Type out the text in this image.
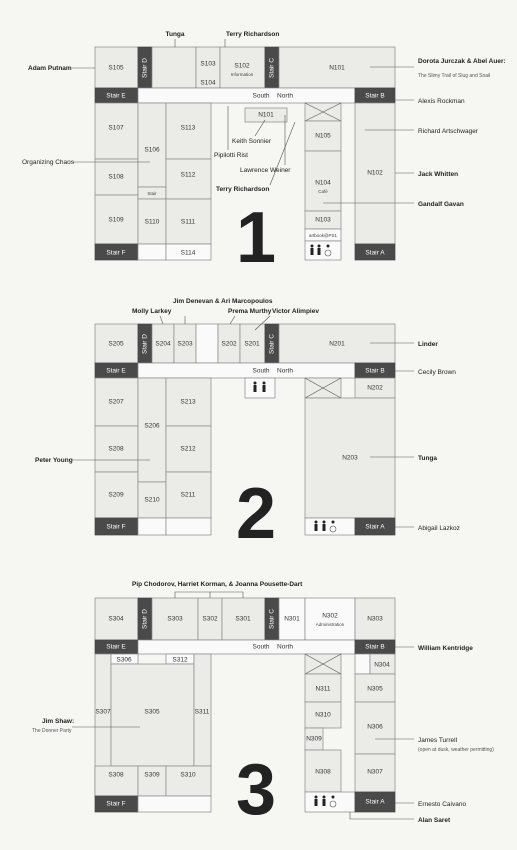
S105
S103
S104
S102
Information
N101
S107
S106
S113
N101
N105
S108	S112
N104
Café
N102
S109	S110	S111	N103
Stair
S114
artbook@PS1
Stair D	Stair C
Stair E	Stair B
Stair F	Stair A
South North
1
Tunga	Terry Richardson
Adam Putnam
Dorota Jurczak & Abel Auer:
The Slimy Trail of Slug and Snail
Alexis Rockman
Richard Artschwager
Keith Sonnier
Pipilotti Rist
Lawrence Weiner
Terry Richardson
Organizing Chaos
Jack Whitten
Gandalf Gavan
S205	S204 S203	S202 S201	N201
N202
S207
S206
S213
S208	S212
N203
S209
S210
S211
Stair D	Stair C
Stair E	Stair B
Stair F	Stair A
South North
2
Molly Larkey
Jim Denevan & Ari Marcopoulos
Prema Murthy Victor Alimpiev
Linder
Cecily Brown
Peter Young	Tunga
Abigail Lazkoz
S304	S303	S302	S301	N301	N302
Administration
N303
S306	S312
N304
N311	N305
S307	S305	S311	N310
N306
N309
S308	S309	S310	N308	N307
Stair D	Stair C
Stair E	Stair B
Stair F	Stair A
South North
3
Pip Chodorov, Harriet Korman, & Joanna Pousette-Dart
William Kentridge
Jim Shaw:
The Donner Party
James Turrell
(open at dusk, weather permitting)
Ernesto Caivano
Alan Saret
